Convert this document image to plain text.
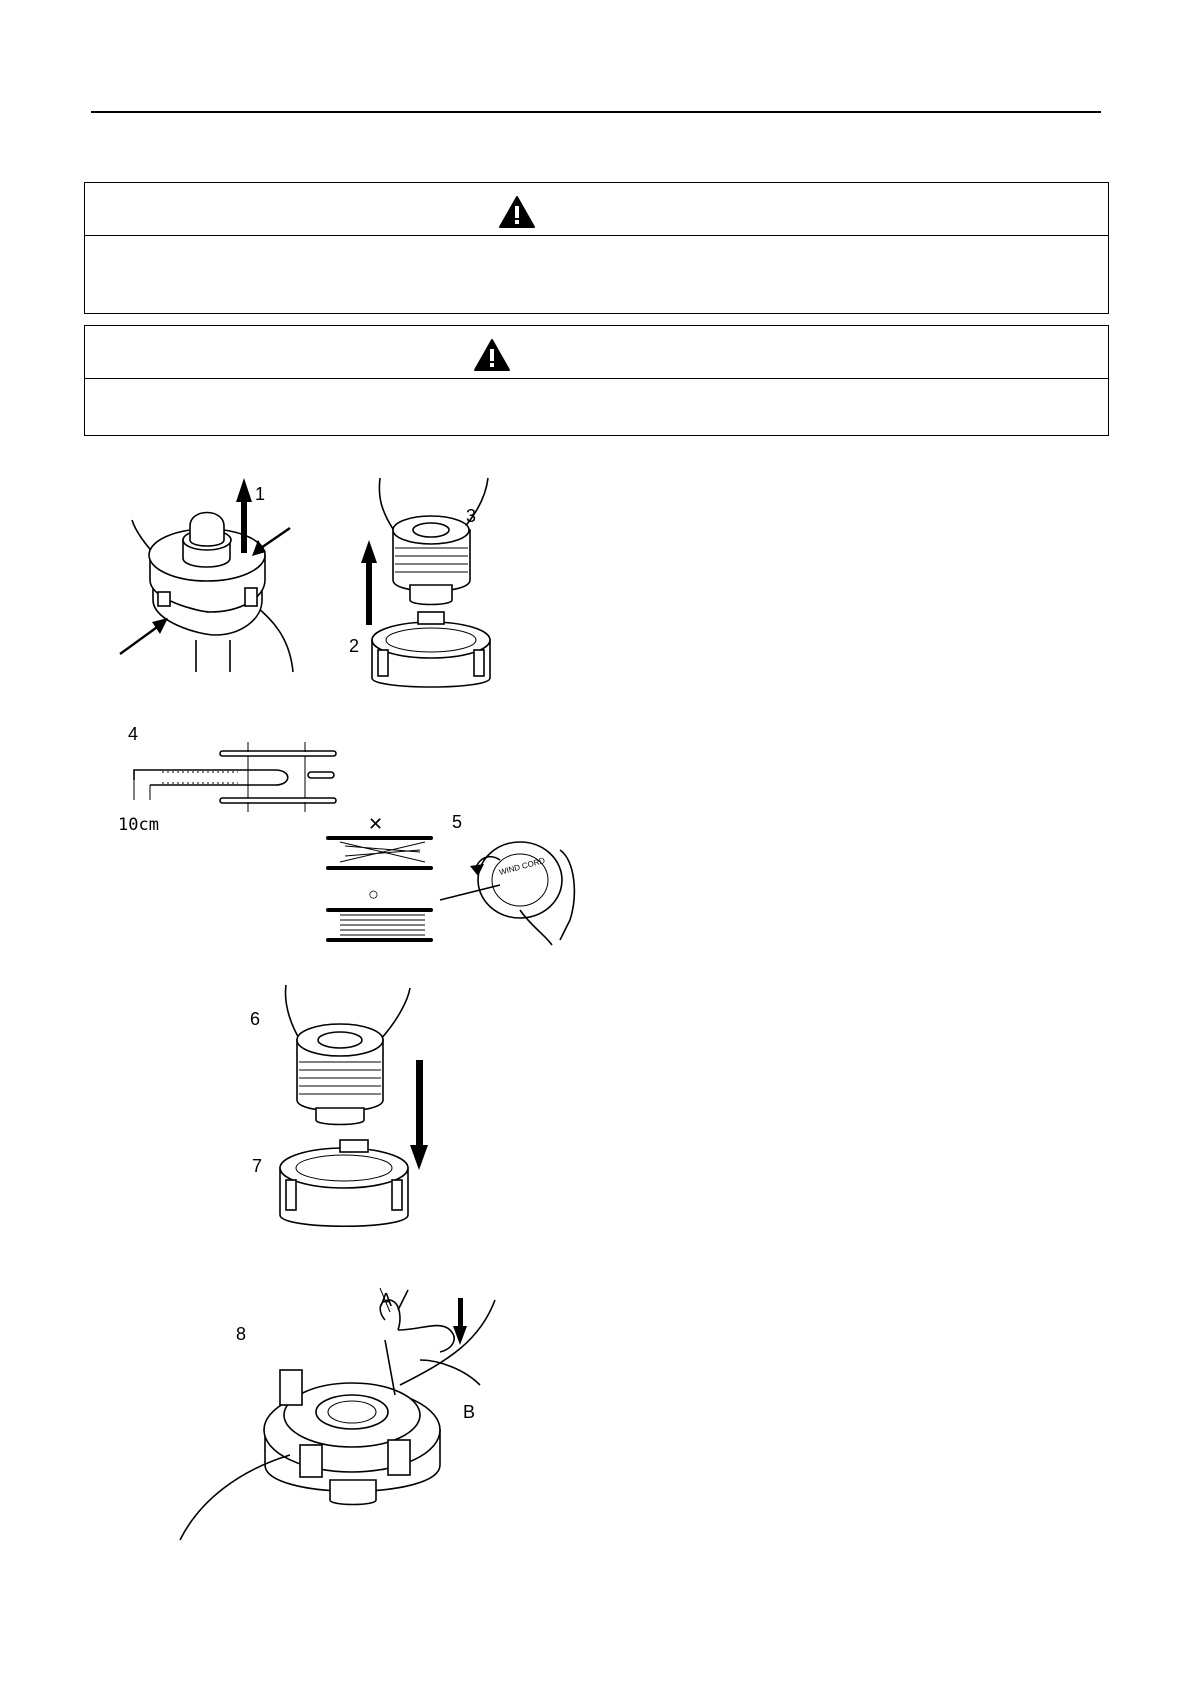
1
3
2
4
10cm	✕
○
5
WIND CORD
6
7
8
A
B
